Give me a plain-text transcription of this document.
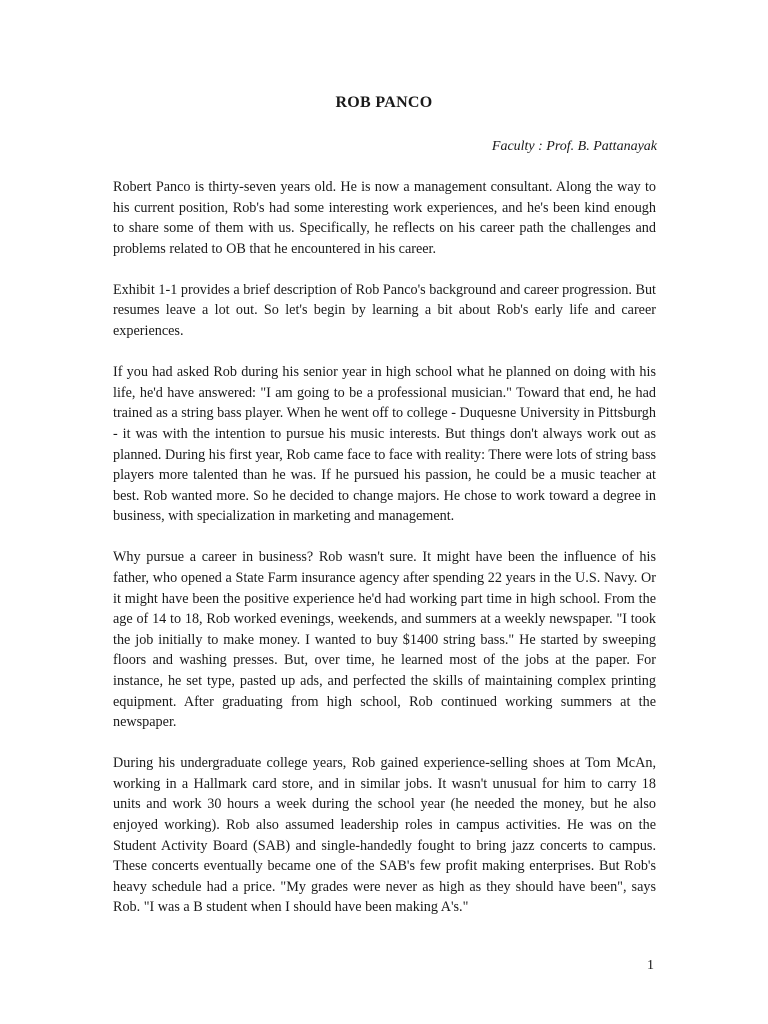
ROB PANCO

Faculty : Prof. B. Pattanayak

Robert Panco is thirty-seven years old. He is now a management consultant. Along the way to his current position, Rob's had some interesting work experiences, and he's been kind enough to share some of them with us. Specifically, he reflects on his career path the challenges and problems related to OB that he encountered in his career.

Exhibit 1-1 provides a brief description of Rob Panco's background and career progression. But resumes leave a lot out. So let's begin by learning a bit about Rob's early life and career experiences.

If you had asked Rob during his senior year in high school what he planned on doing with his life, he'd have answered: "I am going to be a professional musician." Toward that end, he had trained as a string bass player. When he went off to college - Duquesne University in Pittsburgh - it was with the intention to pursue his music interests. But things don't always work out as planned. During his first year, Rob came face to face with reality: There were lots of string bass players more talented than he was. If he pursued his passion, he could be a music teacher at best. Rob wanted more. So he decided to change majors. He chose to work toward a degree in business, with specialization in marketing and management.

Why pursue a career in business? Rob wasn't sure. It might have been the influence of his father, who opened a State Farm insurance agency after spending 22 years in the U.S. Navy. Or it might have been the positive experience he'd had working part time in high school. From the age of 14 to 18, Rob worked evenings, weekends, and summers at a weekly newspaper. "I took the job initially to make money. I wanted to buy $1400 string bass." He started by sweeping floors and washing presses. But, over time, he learned most of the jobs at the paper. For instance, he set type, pasted up ads, and perfected the skills of maintaining complex printing equipment. After graduating from high school, Rob continued working summers at the newspaper.

During his undergraduate college years, Rob gained experience-selling shoes at Tom McAn, working in a Hallmark card store, and in similar jobs. It wasn't unusual for him to carry 18 units and work 30 hours a week during the school year (he needed the money, but he also enjoyed working). Rob also assumed leadership roles in campus activities. He was on the Student Activity Board (SAB) and single-handedly fought to bring jazz concerts to campus. These concerts eventually became one of the SAB's few profit making enterprises. But Rob's heavy schedule had a price. "My grades were never as high as they should have been", says Rob. "I was a B student when I should have been making A's."

1
